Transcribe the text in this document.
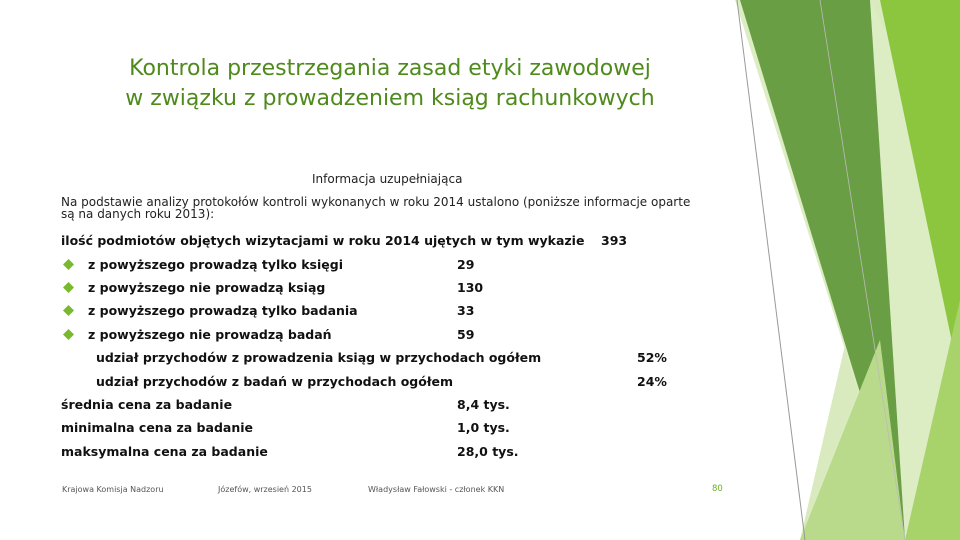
Kontrola przestrzegania zasad etyki zawodowej
w związku z prowadzeniem ksiąg rachunkowych
Informacja uzupełniająca
Na podstawie analizy protokołów kontroli wykonanych w roku 2014 ustalono (poniższe informacje oparte
są na danych roku 2013):
ilość podmiotów objętych wizytacjami w roku 2014 ujętych w tym wykazie 393
z powyższego prowadzą tylko księgi	29
z powyższego nie prowadzą ksiąg	130
z powyższego prowadzą tylko badania	33
z powyższego nie prowadzą badań	59
udział przychodów z prowadzenia ksiąg w przychodach ogółem	52%
udział przychodów z badań w przychodach ogółem	24%
średnia cena za badanie	8,4 tys.
minimalna cena za badanie	1,0 tys.
maksymalna cena za badanie	28,0 tys.
Krajowa Komisja Nadzoru	Józefów, wrzesień 2015	Władysław Fałowski - członek KKN	80
